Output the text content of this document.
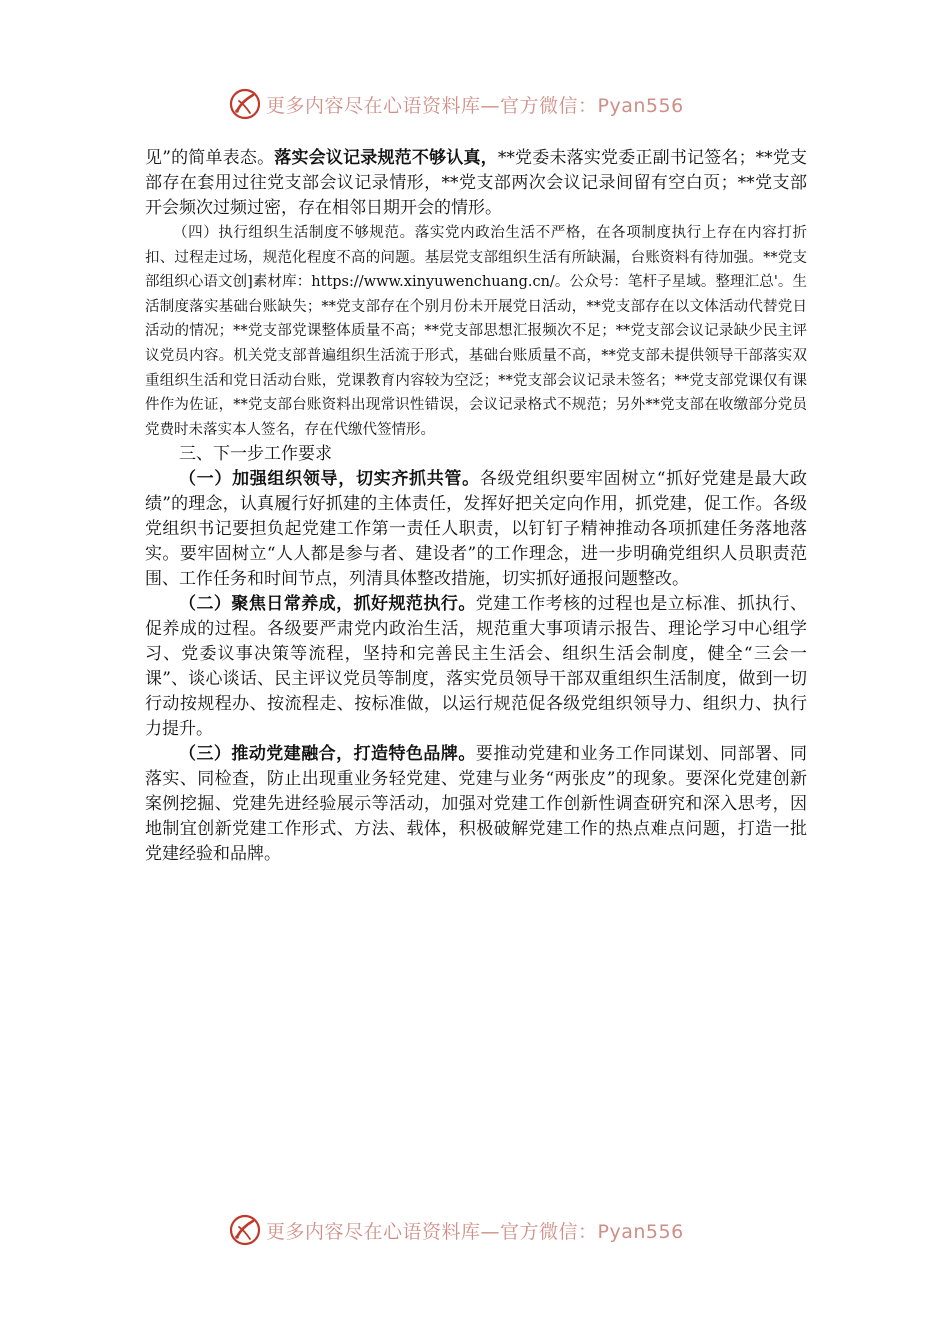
更多内容尽在心语资料库—官方微信：Pyan556

见”的简单表态。落实会议记录规范不够认真，**党委未落实党委正副书记签名；**党支部存在套用过往党支部会议记录情形，**党支部两次会议记录间留有空白页；**党支部开会频次过频过密，存在相邻日期开会的情形。

（四）执行组织生活制度不够规范。落实党内政治生活不严格，在各项制度执行上存在内容打折扣、过程走过场，规范化程度不高的问题。基层党支部组织生活有所缺漏，台账资料有待加强。**党支部组织心语文创]素材库：https://www.xinyuwenchuang.cn/。公众号：笔杆子星域。整理汇总'。生活制度落实基础台账缺失；**党支部存在个别月份未开展党日活动，**党支部存在以文体活动代替党日活动的情况；**党支部党课整体质量不高；**党支部思想汇报频次不足；**党支部会议记录缺少民主评议党员内容。机关党支部普遍组织生活流于形式，基础台账质量不高，**党支部未提供领导干部落实双重组织生活和党日活动台账，党课教育内容较为空泛；**党支部会议记录未签名；**党支部党课仅有课件作为佐证，**党支部台账资料出现常识性错误，会议记录格式不规范；另外**党支部在收缴部分党员党费时未落实本人签名，存在代缴代签情形。

三、下一步工作要求

（一）加强组织领导，切实齐抓共管。各级党组织要牢固树立“抓好党建是最大政绩”的理念，认真履行好抓建的主体责任，发挥好把关定向作用，抓党建，促工作。各级党组织书记要担负起党建工作第一责任人职责，以钉钉子精神推动各项抓建任务落地落实。要牢固树立“人人都是参与者、建设者”的工作理念，进一步明确党组织人员职责范围、工作任务和时间节点，列清具体整改措施，切实抓好通报问题整改。

（二）聚焦日常养成，抓好规范执行。党建工作考核的过程也是立标准、抓执行、促养成的过程。各级要严肃党内政治生活，规范重大事项请示报告、理论学习中心组学习、党委议事决策等流程，坚持和完善民主生活会、组织生活会制度，健全“三会一课”、谈心谈话、民主评议党员等制度，落实党员领导干部双重组织生活制度，做到一切行动按规程办、按流程走、按标准做，以运行规范促各级党组织领导力、组织力、执行力提升。

（三）推动党建融合，打造特色品牌。要推动党建和业务工作同谋划、同部署、同落实、同检查，防止出现重业务轻党建、党建与业务“两张皮”的现象。要深化党建创新案例挖掘、党建先进经验展示等活动，加强对党建工作创新性调查研究和深入思考，因地制宜创新党建工作形式、方法、载体，积极破解党建工作的热点难点问题，打造一批党建经验和品牌。

更多内容尽在心语资料库—官方微信：Pyan556
